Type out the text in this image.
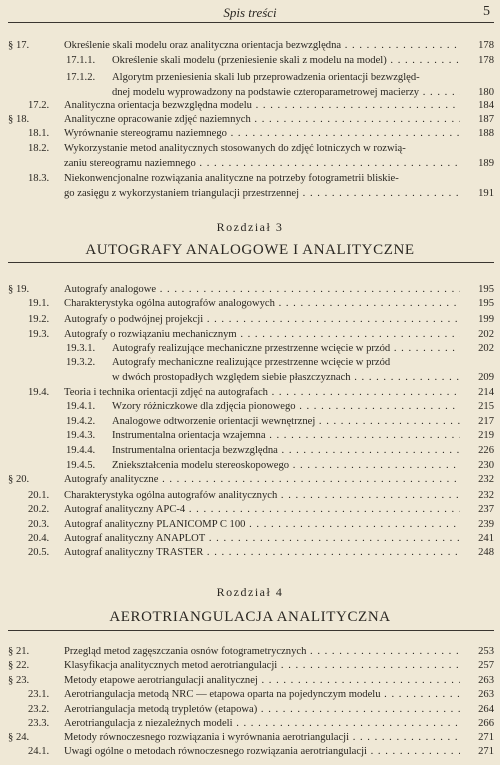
Spis treści	5
Rozdział 3
AUTOGRAFY ANALOGOWE I ANALITYCZNE
Rozdział 4
AEROTRIANGULACJA ANALITYCZNA
§ 17.	Określenie skali modelu oraz analityczna orientacja bezwzględna . . .	178
17.1.1. Określenie skali modelu (przeniesienie skali z modelu na model) . . .	178
17.1.2. Algorytm przeniesienia skali lub przeprowadzenia orientacji bezwzględ-
dnej modelu wyprowadzony na podstawie czteroparametrowej macierzy . . .	180
17.2. Analityczna orientacja bezwzględna modelu . . .	184
§ 18.	Analityczne opracowanie zdjęć naziemnych . . .	187
18.1. Wyrównanie stereogramu naziemnego . . .	188
18.2. Wykorzystanie metod analitycznych stosowanych do zdjęć lotniczych w rozwią-
zaniu stereogramu naziemnego . . .	189
18.3. Niekonwencjonalne rozwiązania analityczne na potrzeby fotogrametrii bliskie-
go zasięgu z wykorzystaniem triangulacji przestrzennej . . .	191
§ 19.	Autografy analogowe . . .	195
19.1. Charakterystyka ogólna autografów analogowych . . .	195
19.2. Autografy o podwójnej projekcji . . .	199
19.3. Autografy o rozwiązaniu mechanicznym . . .	202
19.3.1. Autografy realizujące mechaniczne przestrzenne wcięcie w przód . . .	202
19.3.2. Autografy mechaniczne realizujące przestrzenne wcięcie w przód
w dwóch prostopadłych względem siebie płaszczyznach . . .	209
19.4. Teoria i technika orientacji zdjęć na autografach . . .	214
19.4.1. Wzory różniczkowe dla zdjęcia pionowego . . .	215
19.4.2. Analogowe odtworzenie orientacji wewnętrznej . . .	217
19.4.3. Instrumentalna orientacja wzajemna . . .	219
19.4.4. Instrumentalna orientacja bezwzględna . . .	226
19.4.5. Zniekształcenia modelu stereoskopowego . . .	230
§ 20.	Autografy analityczne . . .	232
20.1. Charakterystyka ogólna autografów analitycznych . . .	232
20.2. Autograf analityczny APC-4 . . .	237
20.3. Autograf analityczny PLANICOMP C 100 . . .	239
20.4. Autograf analityczny ANAPLOT . . .	241
20.5. Autograf analityczny TRASTER . . .	248
§ 21.	Przegląd metod zagęszczania osnów fotogrametrycznych . . .	253
§ 22.	Klasyfikacja analitycznych metod aerotriangulacji . . .	257
§ 23.	Metody etapowe aerotriangulacji analitycznej . . .	263
23.1. Aerotriangulacja metodą NRC — etapowa oparta na pojedynczym modelu . . .	263
23.2. Aerotriangulacja metodą trypletów (etapowa) . . .	264
23.3. Aerotriangulacja z niezależnych modeli . . .	266
§ 24.	Metody równoczesnego rozwiązania i wyrównania aerotriangulacji . . .	271
24.1. Uwagi ogólne o metodach równoczesnego rozwiązania aerotriangulacji . . .	271
